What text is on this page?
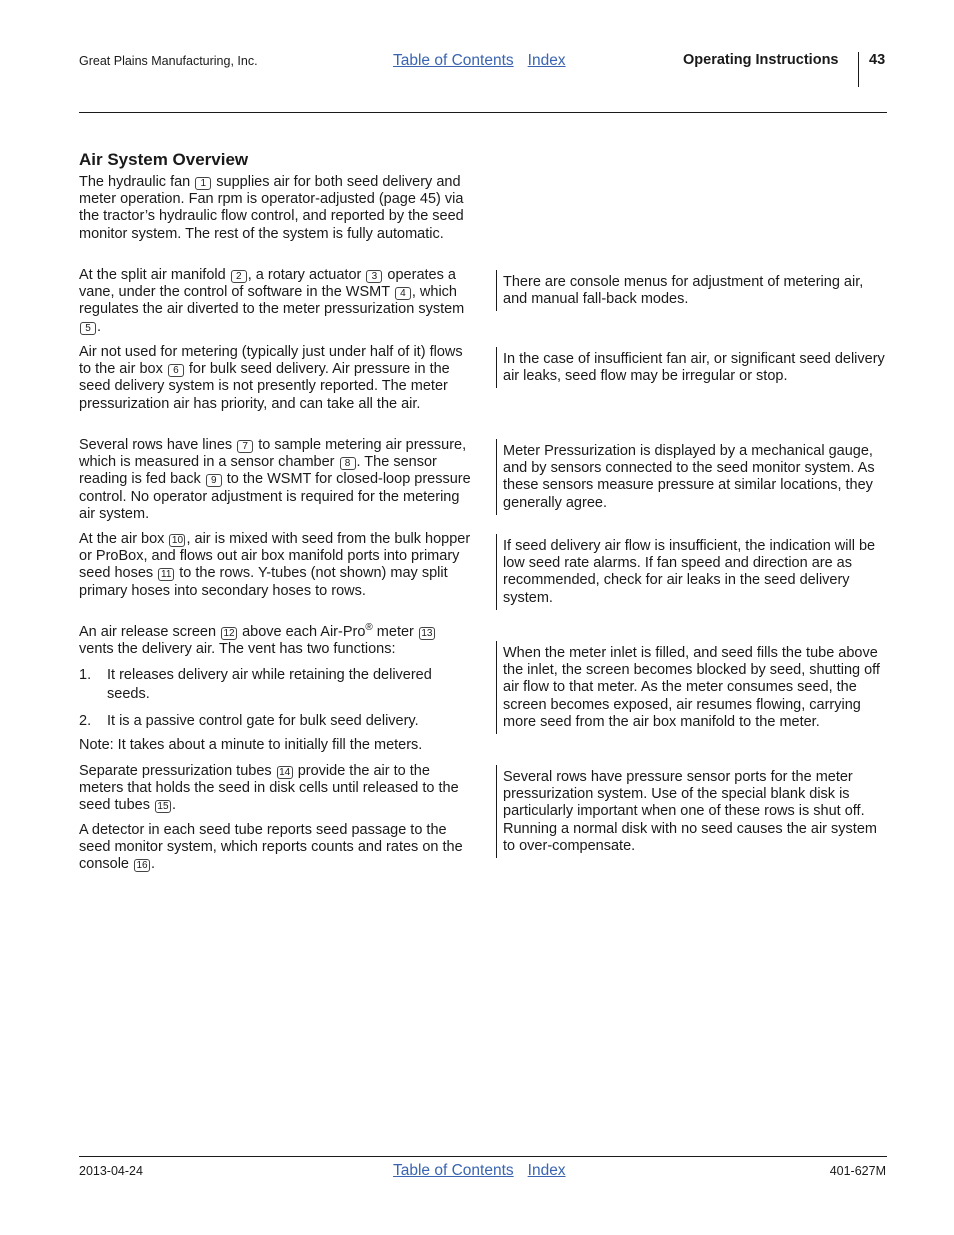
Great Plains Manufacturing, Inc.	Table of Contents Index	Operating Instructions 43
Air System Overview

The hydraulic fan 1 supplies air for both seed delivery and meter operation. Fan rpm is operator-adjusted (page 45) via the tractor’s hydraulic flow control, and reported by the seed monitor system. The rest of the system is fully automatic.

At the split air manifold 2 , a rotary actuator 3 operates a vane, under the control of software in the WSMT 4 , which regulates the air diverted to the meter pressurization system 5 .

Air not used for metering (typically just under half of it) flows to the air box 6 for bulk seed delivery. Air pressure in the seed delivery system is not presently reported. The meter pressurization air has priority, and can take all the air.

Several rows have lines 7 to sample metering air pressure, which is measured in a sensor chamber 8 . The sensor reading is fed back 9 to the WSMT for closed-loop pressure control. No operator adjustment is required for the metering air system.

At the air box 10 , air is mixed with seed from the bulk hopper or ProBox, and flows out air box manifold ports into primary seed hoses 11 to the rows. Y-tubes (not shown) may split primary hoses into secondary hoses to rows.

An air release screen 12 above each Air-Pro® meter 13 vents the delivery air. The vent has two functions:

1.	It releases delivery air while retaining the delivered seeds.
2.	It is a passive control gate for bulk seed delivery.

Note: It takes about a minute to initially fill the meters.

Separate pressurization tubes 14 provide the air to the meters that holds the seed in disk cells until released to the seed tubes 15 .

A detector in each seed tube reports seed passage to the seed monitor system, which reports counts and rates on the console 16 .

There are console menus for adjustment of metering air, and manual fall-back modes.
In the case of insufficient fan air, or significant seed delivery air leaks, seed flow may be irregular or stop.
Meter Pressurization is displayed by a mechanical gauge, and by sensors connected to the seed monitor system. As these sensors measure pressure at similar locations, they generally agree.
If seed delivery air flow is insufficient, the indication will be low seed rate alarms. If fan speed and direction are as recommended, check for air leaks in the seed delivery system.
When the meter inlet is filled, and seed fills the tube above the inlet, the screen becomes blocked by seed, shutting off air flow to that meter. As the meter consumes seed, the screen becomes exposed, air resumes flowing, carrying more seed from the air box manifold to the meter.
Several rows have pressure sensor ports for the meter pressurization system. Use of the special blank disk is particularly important when one of these rows is shut off. Running a normal disk with no seed causes the air system to over-compensate.
2013-04-24	Table of Contents Index	401-627M
